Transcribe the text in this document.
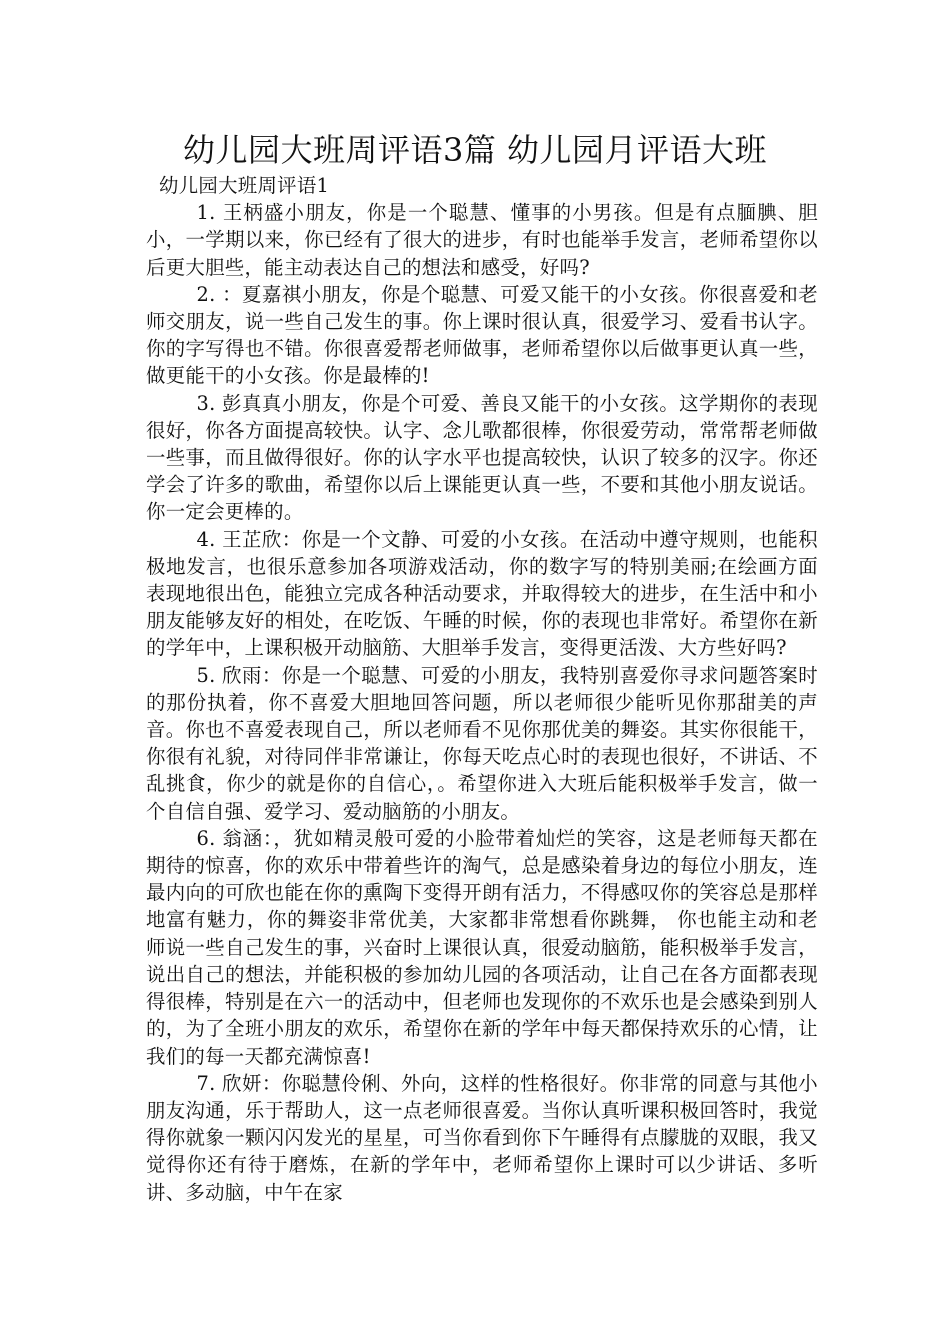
幼儿园大班周评语3篇 幼儿园月评语大班
幼儿园大班周评语1

1. 王柄盛小朋友，你是一个聪慧、懂事的小男孩。但是有点腼腆、胆小，一学期以来，你已经有了很大的进步，有时也能举手发言，老师希望你以后更大胆些，能主动表达自己的想法和感受，好吗?

2. ：夏嘉祺小朋友，你是个聪慧、可爱又能干的小女孩。你很喜爱和老师交朋友，说一些自己发生的事。你上课时很认真，很爱学习、爱看书认字。你的字写得也不错。你很喜爱帮老师做事，老师希望你以后做事更认真一些，做更能干的小女孩。你是最棒的!

3. 彭真真小朋友，你是个可爱、善良又能干的小女孩。这学期你的表现很好，你各方面提高较快。认字、念儿歌都很棒，你很爱劳动，常常帮老师做一些事，而且做得很好。你的认字水平也提高较快，认识了较多的汉字。你还学会了许多的歌曲，希望你以后上课能更认真一些，不要和其他小朋友说话。你一定会更棒的。

4. 王芷欣：你是一个文静、可爱的小女孩。在活动中遵守规则，也能积极地发言，也很乐意参加各项游戏活动，你的数字写的特别美丽;在绘画方面表现地很出色，能独立完成各种活动要求，并取得较大的进步，在生活中和小朋友能够友好的相处，在吃饭、午睡的时候，你的表现也非常好。希望你在新的学年中，上课积极开动脑筋、大胆举手发言，变得更活泼、大方些好吗?

5. 欣雨：你是一个聪慧、可爱的小朋友，我特别喜爱你寻求问题答案时的那份执着，你不喜爱大胆地回答问题，所以老师很少能听见你那甜美的声音。你也不喜爱表现自己，所以老师看不见你那优美的舞姿。其实你很能干，你很有礼貌，对待同伴非常谦让，你每天吃点心时的表现也很好，不讲话、不乱挑食，你少的就是你的自信心，。希望你进入大班后能积极举手发言，做一个自信自强、爱学习、爱动脑筋的小朋友。

6. 翁涵：，犹如精灵般可爱的小脸带着灿烂的笑容，这是老师每天都在期待的惊喜，你的欢乐中带着些许的淘气，总是感染着身边的每位小朋友，连最内向的可欣也能在你的熏陶下变得开朗有活力，不得感叹你的笑容总是那样地富有魅力，你的舞姿非常优美，大家都非常想看你跳舞， 你也能主动和老师说一些自己发生的事，兴奋时上课很认真，很爱动脑筋，能积极举手发言，说出自己的想法，并能积极的参加幼儿园的各项活动，让自己在各方面都表现得很棒，特别是在六一的活动中，但老师也发现你的不欢乐也是会感染到别人的，为了全班小朋友的欢乐，希望你在新的学年中每天都保持欢乐的心情，让我们的每一天都充满惊喜!

7. 欣妍：你聪慧伶俐、外向，这样的性格很好。你非常的同意与其他小朋友沟通，乐于帮助人，这一点老师很喜爱。当你认真听课积极回答时，我觉得你就象一颗闪闪发光的星星，可当你看到你下午睡得有点朦胧的双眼，我又觉得你还有待于磨炼，在新的学年中，老师希望你上课时可以少讲话、多听讲、多动脑，中午在家
